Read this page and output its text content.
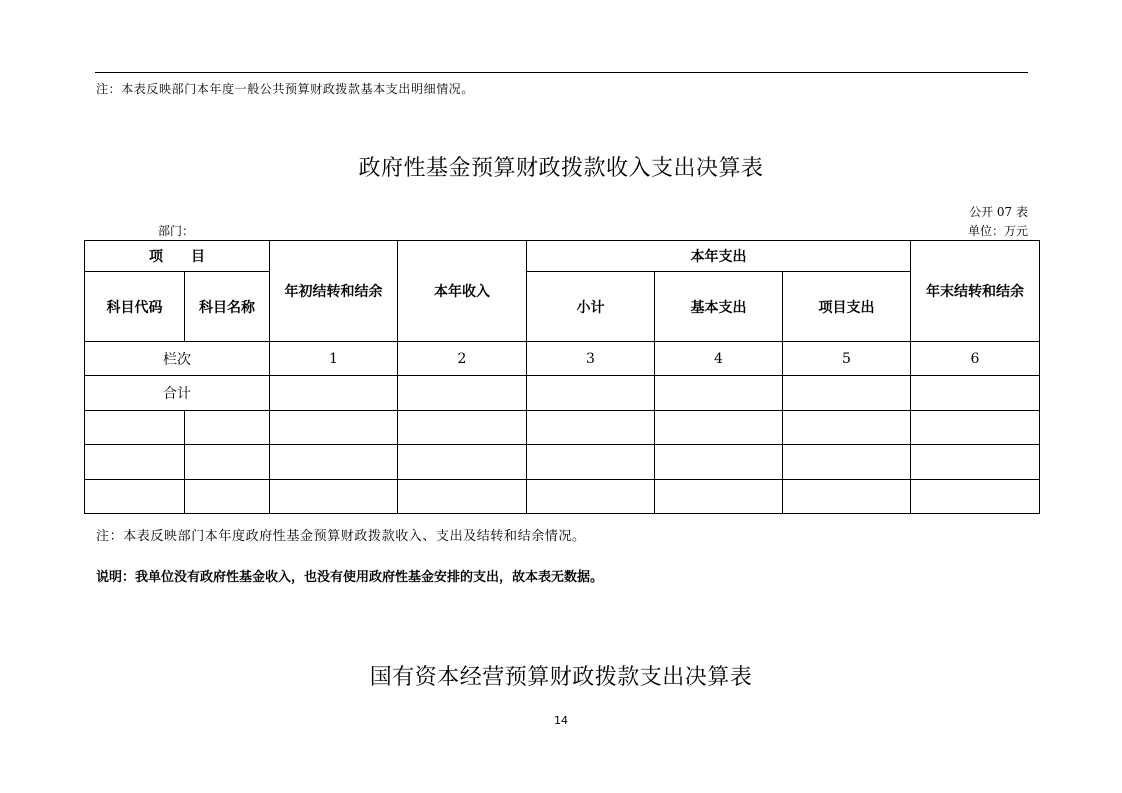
注：本表反映部门本年度一般公共预算财政拨款基本支出明细情况。
政府性基金预算财政拨款收入支出决算表
公开 07 表
部门：	单位：万元
项　　目		年初结转和结余	本年收入	本年支出			年末结转和结余
科目代码	科目名称			小计	基本支出	项目支出	
栏次		1	2	3	4	5	6
合计							

注：本表反映部门本年度政府性基金预算财政拨款收入、支出及结转和结余情况。
说明：我单位没有政府性基金收入，也没有使用政府性基金安排的支出，故本表无数据。
国有资本经营预算财政拨款支出决算表
14
